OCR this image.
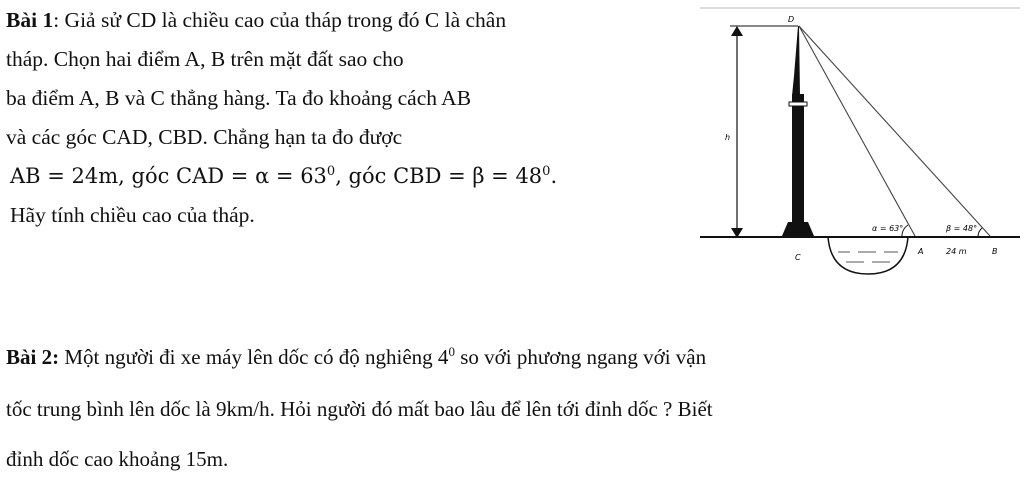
Bài 1: Giả sử CD là chiều cao của tháp trong đó C là chân
tháp. Chọn hai điểm A, B trên mặt đất sao cho
ba điểm A, B và C thẳng hàng. Ta đo khoảng cách AB
và các góc CAD, CBD. Chẳng hạn ta đo được
AB = 24m, góc CAD = $\alpha = 63^0$, góc CBD = $\beta = 48^0$.
Hãy tính chiều cao của tháp.
D
h
C
A	B
α = 63°	β = 48°
24 m
Bài 2: Một người đi xe máy lên dốc có độ nghiêng $4^0$ so với phương ngang với vận
tốc trung bình lên dốc là 9km/h. Hỏi người đó mất bao lâu để lên tới đỉnh dốc ? Biết
đỉnh dốc cao khoảng 15m.
